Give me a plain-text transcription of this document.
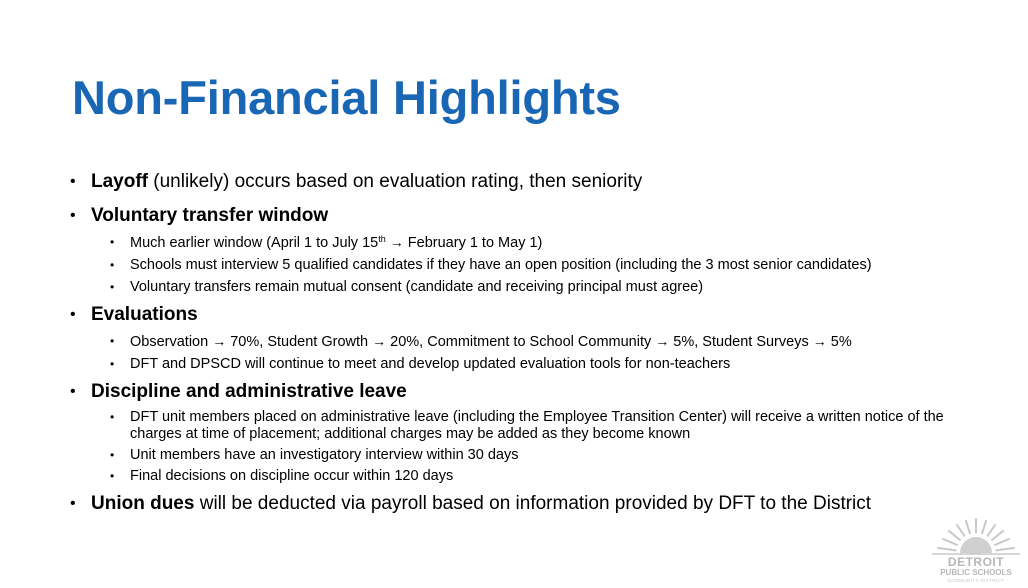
Non-Financial Highlights
• Layoff (unlikely) occurs based on evaluation rating, then seniority
• Voluntary transfer window
• Much earlier window (April 1 to July 15th → February 1 to May 1)
• Schools must interview 5 qualified candidates if they have an open position (including the 3 most senior candidates)
• Voluntary transfers remain mutual consent (candidate and receiving principal must agree)
• Evaluations
• Observation → 70%, Student Growth → 20%, Commitment to School Community → 5%, Student Surveys → 5%
• DFT and DPSCD will continue to meet and develop updated evaluation tools for non-teachers
• Discipline and administrative leave
• DFT unit members placed on administrative leave (including the Employee Transition Center) will receive a written notice of the charges at time of placement; additional charges may be added as they become known
• Unit members have an investigatory interview within 30 days
• Final decisions on discipline occur within 120 days
• Union dues will be deducted via payroll based on information provided by DFT to the District
DETROIT
PUBLIC SCHOOLS
COMMUNITY DISTRICT
